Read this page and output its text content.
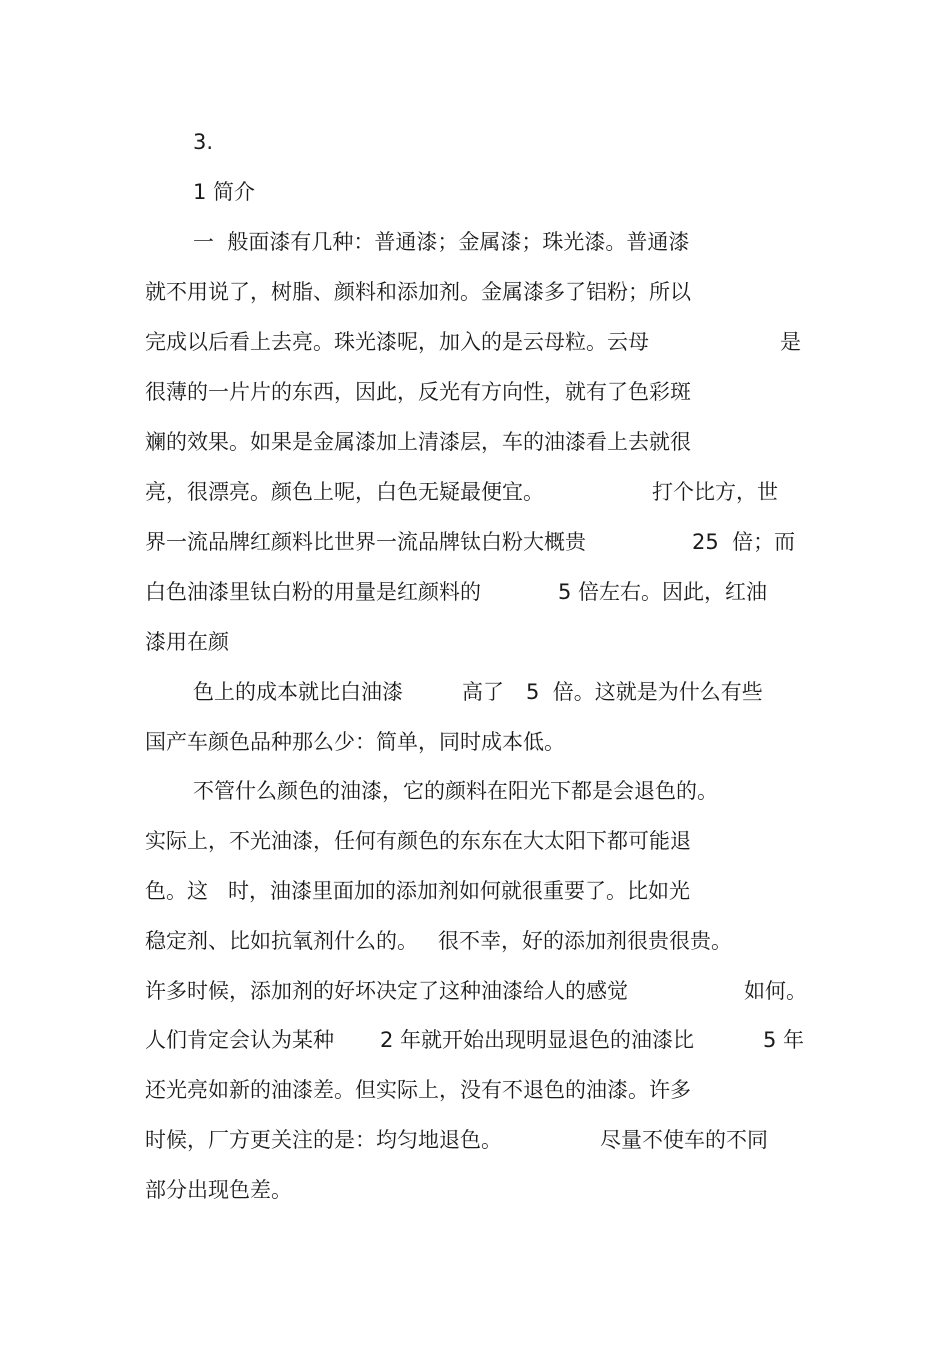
3.
1 简介
一  般面漆有几种：普通漆；金属漆；珠光漆。普通漆
就不用说了，树脂、颜料和添加剂。金属漆多了铝粉；所以
完成以后看上去亮。珠光漆呢，加入的是云母粒。云母	是
很薄的一片片的东西，因此，反光有方向性，就有了色彩斑
斓的效果。如果是金属漆加上清漆层，车的油漆看上去就很
亮，很漂亮。颜色上呢，白色无疑最便宜。	打个比方，世
界一流品牌红颜料比世界一流品牌钛白粉大概贵	25  倍；而
白色油漆里钛白粉的用量是红颜料的	5 倍左右。因此，红油
漆用在颜
色上的成本就比白油漆	高了 5  倍。这就是为什么有些
国产车颜色品种那么少：简单，同时成本低。
不管什么颜色的油漆，它的颜料在阳光下都是会退色的。
实际上，不光油漆，任何有颜色的东东在大太阳下都可能退
色。这   时，油漆里面加的添加剂如何就很重要了。比如光
稳定剂、比如抗氧剂什么的。   很不幸，好的添加剂很贵很贵。
许多时候，添加剂的好坏决定了这种油漆给人的感觉	如何。
人们肯定会认为某种 2 年就开始出现明显退色的油漆比	5 年
还光亮如新的油漆差。但实际上，没有不退色的油漆。许多
时候，厂方更关注的是：均匀地退色。	尽量不使车的不同
部分出现色差。
